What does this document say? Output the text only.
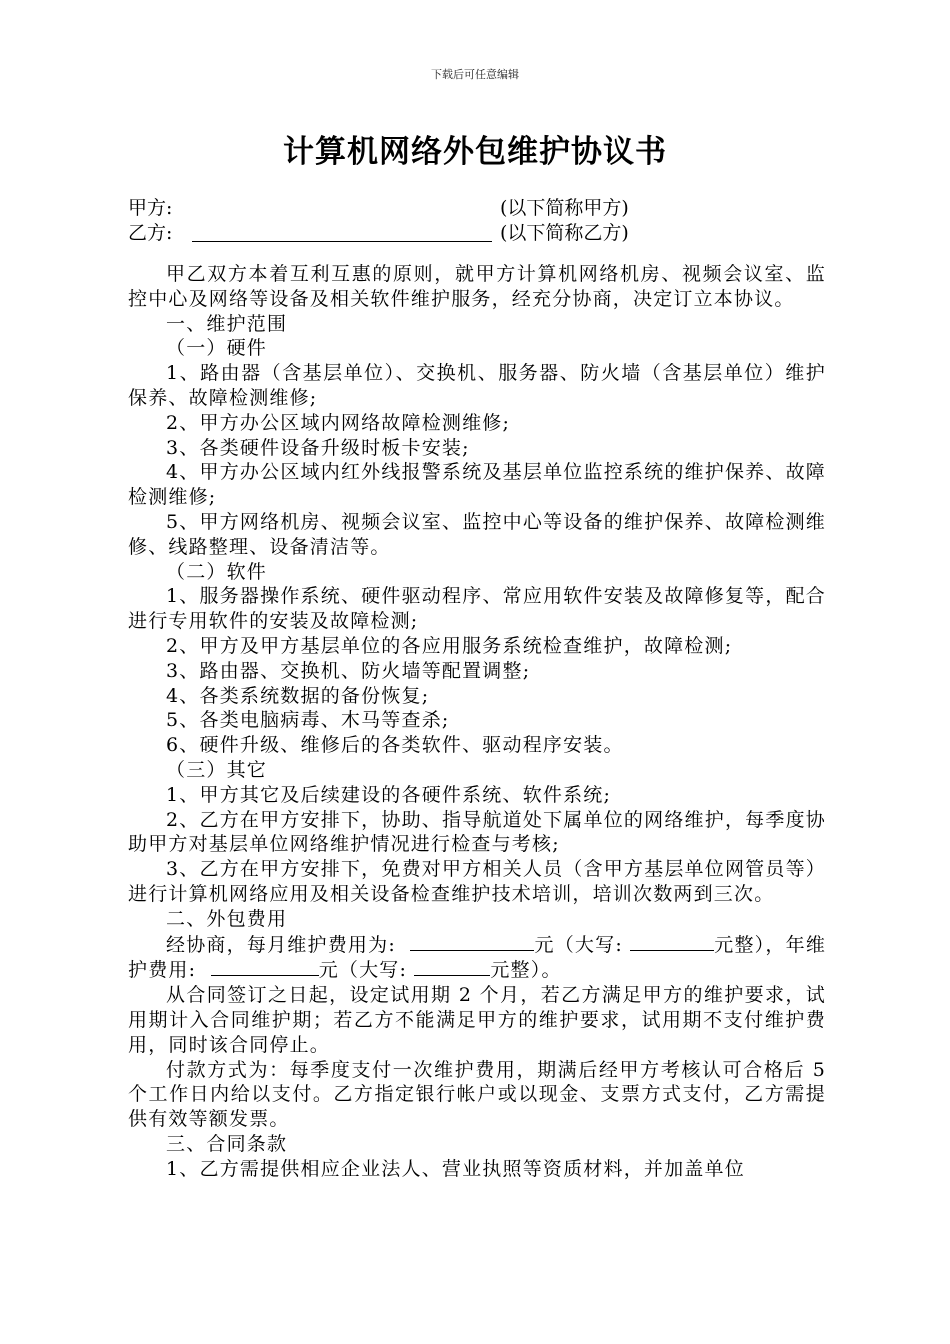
下载后可任意编辑
计算机网络外包维护协议书
甲方:	(以下简称甲方)
乙方:	(以下简称乙方)

甲乙双方本着互利互惠的原则，就甲方计算机网络机房、视频会议室、监控中心及网络等设备及相关软件维护服务，经充分协商，决定订立本协议。

一、维护范围

（一）硬件

1、路由器（含基层单位）、交换机、服务器、防火墙（含基层单位）维护保养、故障检测维修;

2、甲方办公区域内网络故障检测维修;

3、各类硬件设备升级时板卡安装;

4、甲方办公区域内红外线报警系统及基层单位监控系统的维护保养、故障检测维修;

5、甲方网络机房、视频会议室、监控中心等设备的维护保养、故障检测维修、线路整理、设备清洁等。

（二）软件

1、服务器操作系统、硬件驱动程序、常应用软件安装及故障修复等，配合进行专用软件的安装及故障检测;

2、甲方及甲方基层单位的各应用服务系统检查维护，故障检测;

3、路由器、交换机、防火墙等配置调整;

4、各类系统数据的备份恢复;

5、各类电脑病毒、木马等查杀;

6、硬件升级、维修后的各类软件、驱动程序安装。

（三）其它

1、甲方其它及后续建设的各硬件系统、软件系统;

2、乙方在甲方安排下，协助、指导航道处下属单位的网络维护，每季度协助甲方对基层单位网络维护情况进行检查与考核;

3、乙方在甲方安排下，免费对甲方相关人员（含甲方基层单位网管员等）进行计算机网络应用及相关设备检查维护技术培训，培训次数两到三次。

二、外包费用

经协商，每月维护费用为:	元（大写:	元整），年维护费用:	元（大写:	元整）。

从合同签订之日起，设定试用期 2 个月，若乙方满足甲方的维护要求，试用期计入合同维护期；若乙方不能满足甲方的维护要求，试用期不支付维护费用，同时该合同停止。

付款方式为：每季度支付一次维护费用，期满后经甲方考核认可合格后 5 个工作日内给以支付。乙方指定银行帐户或以现金、支票方式支付，乙方需提供有效等额发票。

三、合同条款

1、乙方需提供相应企业法人、营业执照等资质材料，并加盖单位
